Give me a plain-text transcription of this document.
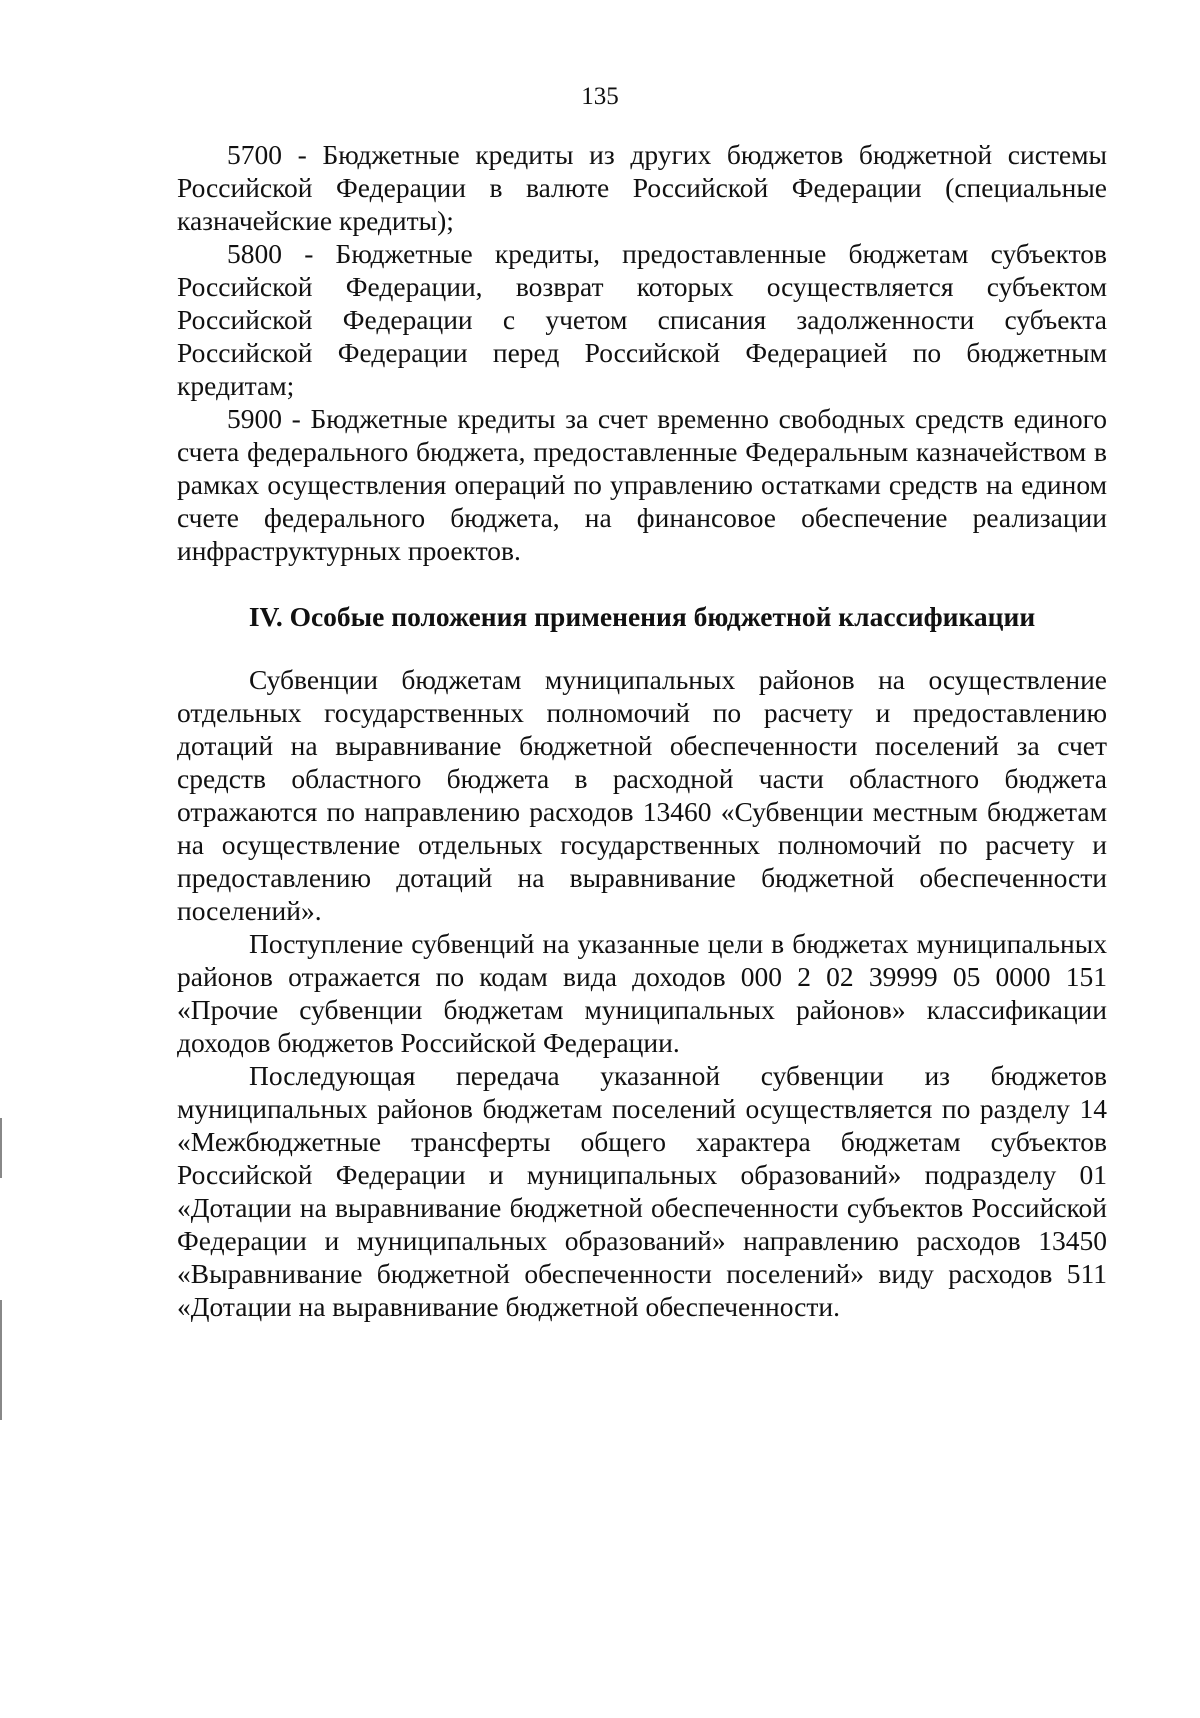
135

5700 - Бюджетные кредиты из других бюджетов бюджетной системы Российской Федерации в валюте Российской Федерации (специальные казначейские кредиты);

5800 - Бюджетные кредиты, предоставленные бюджетам субъектов Российской Федерации, возврат которых осуществляется субъектом Российской Федерации с учетом списания задолженности субъекта Российской Федерации перед Российской Федерацией по бюджетным кредитам;

5900 - Бюджетные кредиты за счет временно свободных средств единого счета федерального бюджета, предоставленные Федеральным казначейством в рамках осуществления операций по управлению остатками средств на едином счете федерального бюджета, на финансовое обеспечение реализации инфраструктурных проектов.

IV. Особые положения применения бюджетной классификации

Субвенции бюджетам муниципальных районов на осуществление отдельных государственных полномочий по расчету и предоставлению дотаций на выравнивание бюджетной обеспеченности поселений за счет средств областного бюджета в расходной части областного бюджета отражаются по направлению расходов 13460 «Субвенции местным бюджетам на осуществление отдельных государственных полномочий по расчету и предоставлению дотаций на выравнивание бюджетной обеспеченности поселений».

Поступление субвенций на указанные цели в бюджетах муниципальных районов отражается по кодам вида доходов 000 2 02 39999 05 0000 151 «Прочие субвенции бюджетам муниципальных районов» классификации доходов бюджетов Российской Федерации.

Последующая передача указанной субвенции из бюджетов муниципальных районов бюджетам поселений осуществляется по разделу 14 «Межбюджетные трансферты общего характера бюджетам субъектов Российской Федерации и муниципальных образований» подразделу 01 «Дотации на выравнивание бюджетной обеспеченности субъектов Российской Федерации и муниципальных образований» направлению расходов 13450 «Выравнивание бюджетной обеспеченности поселений» виду расходов 511 «Дотации на выравнивание бюджетной обеспеченности.
